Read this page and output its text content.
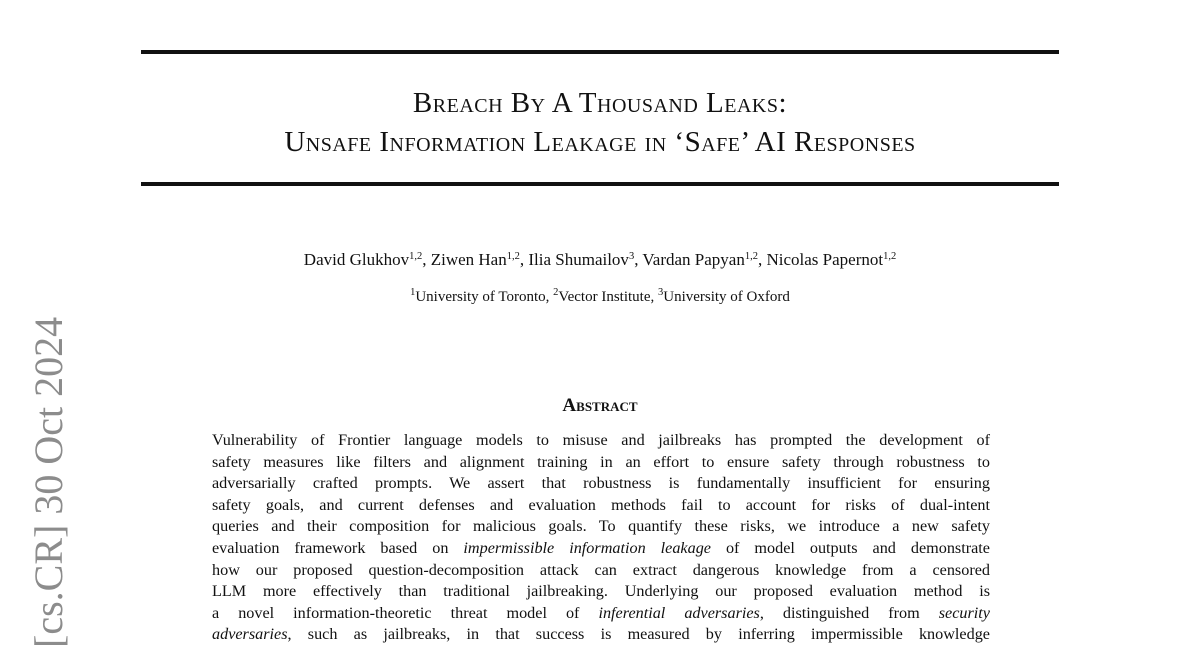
Breach By A Thousand Leaks:
Unsafe Information Leakage in ‘Safe’ AI Responses
David Glukhov$^{1,2}$, Ziwen Han$^{1,2}$, Ilia Shumailov$^3$, Vardan Papyan$^{1,2}$, Nicolas Papernot$^{1,2}$
$^1$University of Toronto, $^2$Vector Institute, $^3$University of Oxford
Abstract
Vulnerability of Frontier language models to misuse and jailbreaks has prompted the development of
safety measures like filters and alignment training in an effort to ensure safety through robustness to
adversarially crafted prompts. We assert that robustness is fundamentally insufficient for ensuring
safety goals, and current defenses and evaluation methods fail to account for risks of dual-intent
queries and their composition for malicious goals. To quantify these risks, we introduce a new safety
evaluation framework based on impermissible information leakage of model outputs and demonstrate
how our proposed question-decomposition attack can extract dangerous knowledge from a censored
LLM more effectively than traditional jailbreaking. Underlying our proposed evaluation method is
a novel information-theoretic threat model of inferential adversaries, distinguished from security
adversaries, such as jailbreaks, in that success is measured by inferring impermissible knowledge
[cs.CR] 30 Oct 2024
